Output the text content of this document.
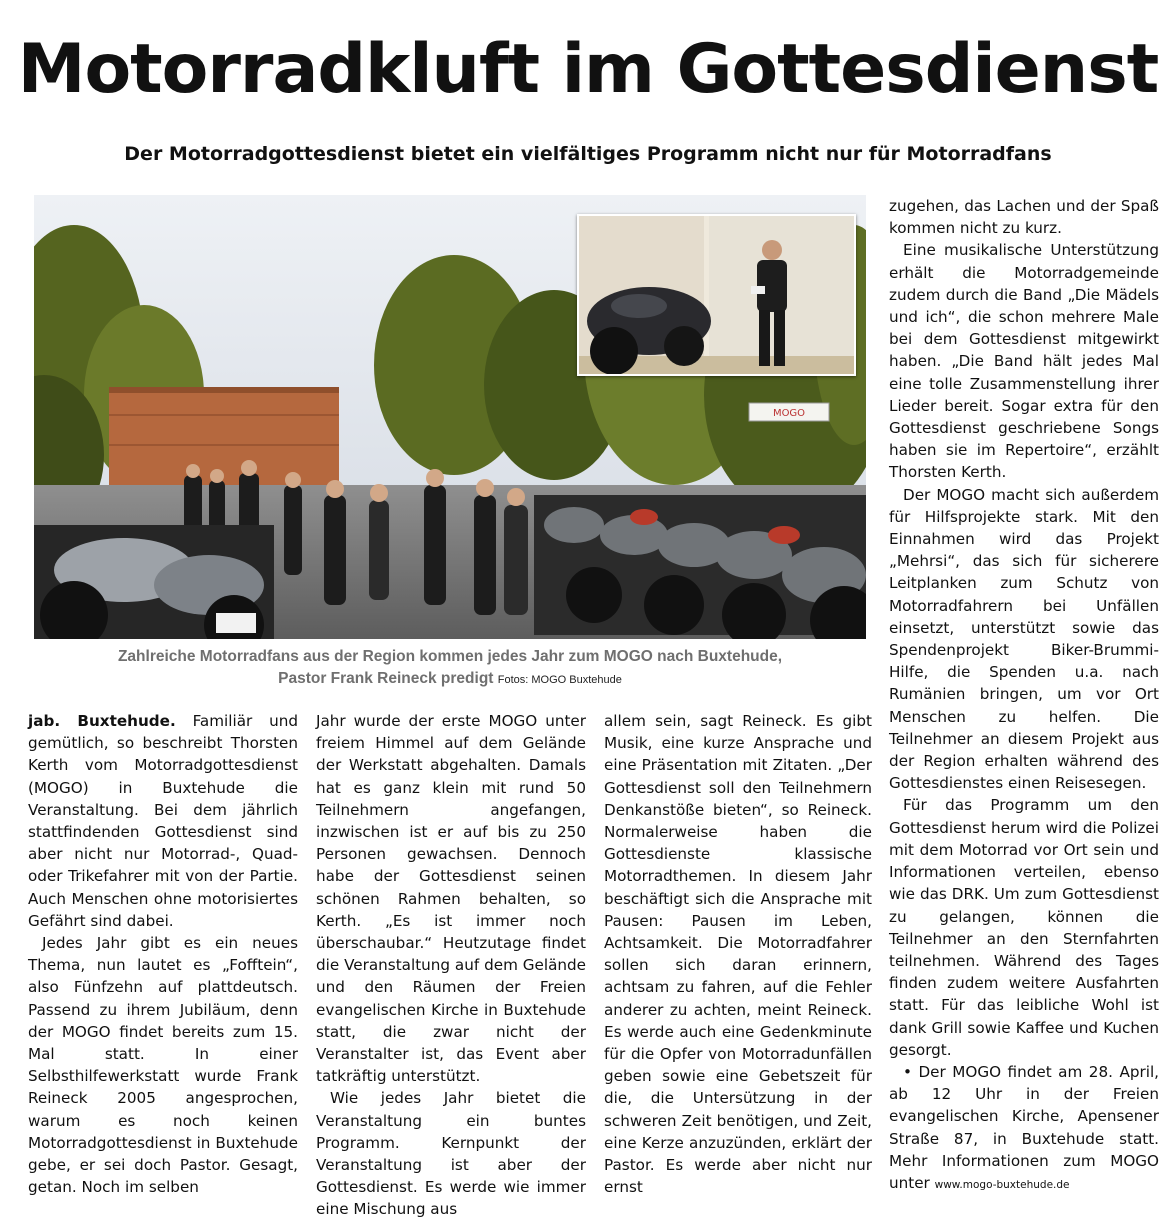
Motorradkluft im Gottesdienst
Der Motorradgottesdienst bietet ein vielfältiges Programm nicht nur für Motorradfans
MOGO
Zahlreiche Motorradfans aus der Region kommen jedes Jahr zum MOGO nach Buxtehude,
Pastor Frank Reineck predigt Fotos: MOGO Buxtehude

jab. Buxtehude. Familiär und gemütlich, so beschreibt Thorsten Kerth vom Motorradgottesdienst (MOGO) in Buxtehude die Veranstaltung. Bei dem jährlich stattfindenden Gottesdienst sind aber nicht nur Motorrad-, Quad- oder Trikefahrer mit von der Partie. Auch Menschen ohne motorisiertes Gefährt sind dabei.

Jedes Jahr gibt es ein neues Thema, nun lautet es „Fofftein“, also Fünfzehn auf plattdeutsch. Passend zu ihrem Jubiläum, denn der MOGO findet bereits zum 15. Mal statt. In einer Selbsthilfewerkstatt wurde Frank Reineck 2005 angesprochen, warum es noch keinen Motorradgottesdienst in Buxtehude gebe, er sei doch Pastor. Gesagt, getan. Noch im selben

Jahr wurde der erste MOGO unter freiem Himmel auf dem Gelände der Werkstatt abgehalten. Damals hat es ganz klein mit rund 50 Teilnehmern angefangen, inzwischen ist er auf bis zu 250 Personen gewachsen. Dennoch habe der Gottesdienst seinen schönen Rahmen behalten, so Kerth. „Es ist immer noch überschaubar.“ Heutzutage findet die Veranstaltung auf dem Gelände und den Räumen der Freien evangelischen Kirche in Buxtehude statt, die zwar nicht der Veranstalter ist, das Event aber tatkräftig unterstützt.

Wie jedes Jahr bietet die Veranstaltung ein buntes Programm. Kernpunkt der Veranstaltung ist aber der Gottesdienst. Es werde wie immer eine Mischung aus

allem sein, sagt Reineck. Es gibt Musik, eine kurze Ansprache und eine Präsentation mit Zitaten. „Der Gottesdienst soll den Teilnehmern Denkanstöße bieten“, so Reineck. Normalerweise haben die Gottesdienste klassische Motorradthemen. In diesem Jahr beschäftigt sich die Ansprache mit Pausen: Pausen im Leben, Achtsamkeit. Die Motorradfahrer sollen sich daran erinnern, achtsam zu fahren, auf die Fehler anderer zu achten, meint Reineck. Es werde auch eine Gedenkminute für die Opfer von Motorradunfällen geben sowie eine Gebetszeit für die, die Untersützung in der schweren Zeit benötigen, und Zeit, eine Kerze anzuzünden, erklärt der Pastor. Es werde aber nicht nur ernst

zugehen, das Lachen und der Spaß kommen nicht zu kurz.

Eine musikalische Unterstützung erhält die Motorradgemeinde zudem durch die Band „Die Mädels und ich“, die schon mehrere Male bei dem Gottesdienst mitgewirkt haben. „Die Band hält jedes Mal eine tolle Zusammenstellung ihrer Lieder bereit. Sogar extra für den Gottesdienst geschriebene Songs haben sie im Repertoire“, erzählt Thorsten Kerth.

Der MOGO macht sich außerdem für Hilfsprojekte stark. Mit den Einnahmen wird das Projekt „Mehrsi“, das sich für sicherere Leitplanken zum Schutz von Motorradfahrern bei Unfällen einsetzt, unterstützt sowie das Spendenprojekt Biker-Brummi-Hilfe, die Spenden u.a. nach Rumänien bringen, um vor Ort Menschen zu helfen. Die Teilnehmer an diesem Projekt aus der Region erhalten während des Gottesdienstes einen Reisesegen.

Für das Programm um den Gottesdienst herum wird die Polizei mit dem Motorrad vor Ort sein und Informationen verteilen, ebenso wie das DRK. Um zum Gottesdienst zu gelangen, können die Teilnehmer an den Sternfahrten teilnehmen. Während des Tages finden zudem weitere Ausfahrten statt. Für das leibliche Wohl ist dank Grill sowie Kaffee und Kuchen gesorgt.

• Der MOGO findet am 28. April, ab 12 Uhr in der Freien evangelischen Kirche, Apensener Straße 87, in Buxtehude statt. Mehr Informationen zum MOGO unter www.mogo-buxtehude.de
